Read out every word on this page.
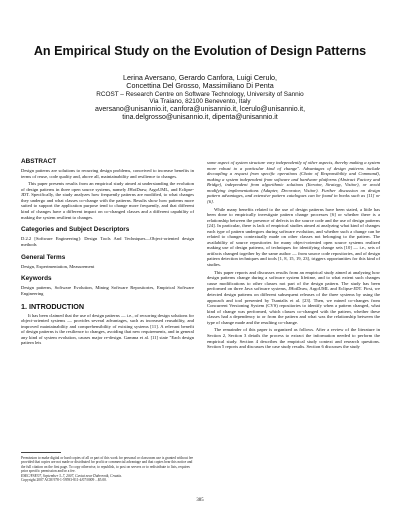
An Empirical Study on the Evolution of Design Patterns
Lerina Aversano, Gerardo Canfora, Luigi Cerulo,
Concettina Del Grosso, Massimiliano Di Penta
RCOST – Research Centre on Software Technology, University of Sannio
Via Traiano, 82100 Benevento, Italy
aversano@unisannio.it, canfora@unisannio.it, lcerulo@unisannio.it,
tina.delgrosso@unisannio.it, dipenta@unisannio.it
ABSTRACT

Design patterns are solutions to recurring design problems, conceived to increase benefits in terms of reuse, code quality and, above all, maintainability and resilience to changes.

This paper presents results from an empirical study aimed at understanding the evolution of design patterns in three open source systems, namely JHotDraw, ArgoUML, and Eclipse-JDT. Specifically, the study analyzes how frequently patterns are modified, to what changes they undergo and what classes co-change with the patterns. Results show how patterns more suited to support the application purpose tend to change more frequently, and that different kind of changes have a different impact on co-changed classes and a different capability of making the system resilient to changes.

Categories and Subject Descriptors

D.2.2 [Software Engineering]: Design Tools And Techniques—Object-oriented design methods

General Terms

Design, Experimentation, Measurement

Keywords

Design patterns, Software Evolution, Mining Software Repositories, Empirical Software Engineering

1. INTRODUCTION

It has been claimed that the use of design patterns — i.e., of recurring design solutions for object-oriented systems — provides several advantages, such as increased reusability, and improved maintainability and comprehensibility of existing systems [11]. A relevant benefit of design patterns is the resilience to changes, avoiding that new requirements, and in general any kind of system evolution, causes major re-design. Gamma et al. [11] state "Each design pattern lets

some aspect of system structure vary independently of other aspects, thereby making a system more robust to a particular kind of change". Advantages of design patterns include decoupling a request from specific operations (Chain of Responsibility and Command), making a system independent from software and hardware platforms (Abstract Factory and Bridge), independent from algorithmic solutions (Iterator, Strategy, Visitor), or avoid modifying implementations (Adapter, Decorator, Visitor). Further discussion on design pattern advantages, and extensive pattern catalogues can be found in books such as [11] or [6].

While many benefits related to the use of design patterns have been stated, a little has been done to empirically investigate pattern change processes [6] or whether there is a relationship between the presence of defects in the source code and the use of design patterns [24]. In particular, there is lack of empirical studies aimed at analyzing what kind of changes each type of pattern undergoes during software evolution, and whether such a change can be related to changes contextually made on other classes not belonging to the pattern. The availability of source repositories for many object-oriented open source systems realized making use of design patterns, of techniques for identifying change sets [10] — i.e., sets of artifacts changed together by the same author — from source code repositories, and of design pattern detection techniques and tools [1, 8, 15, 19, 23], triggers opportunities for this kind of studies.

This paper reports and discusses results from an empirical study aimed at analyzing how design patterns change during a software system lifetime, and to what extent such changes cause modifications to other classes not part of the design pattern. The study has been performed on three Java software systems, JHotDraw, ArgoUML and Eclipse-JDT. First, we detected design patterns on different subsequent releases of the three systems by using the approach and tool presented by Tsantalis et al. [23]. Then, we mined co-changes from Concurrent Versioning System (CVS) repositories to identify when a pattern changed, what kind of change was performed, which classes co-changed with the pattern, whether these classes had a dependency to or from the pattern and what was the relationship between the type of change made and the resulting co-change.

The remainder of this paper is organized as follows. After a review of the literature in Section 2, Section 3 details the process to extract the information needed to perform the empirical study. Section 4 describes the empirical study context and research questions. Section 5 reports and discusses the case study results. Section 6 discusses the study

Permission to make digital or hard copies of all or part of this work for personal or classroom use is granted without fee provided that copies are not made or distributed for profit or commercial advantage and that copies bear this notice and the full citation on the first page. To copy otherwise, to republish, to post on servers or to redistribute to lists, requires prior specific permission and/or a fee.
ESEC/FSE'07, September 3–7, 2007, Cavtat near Dubrovnik, Croatia.
Copyright 2007 ACM 978-1-59593-811-4/07/0009 ...$5.00.
385
